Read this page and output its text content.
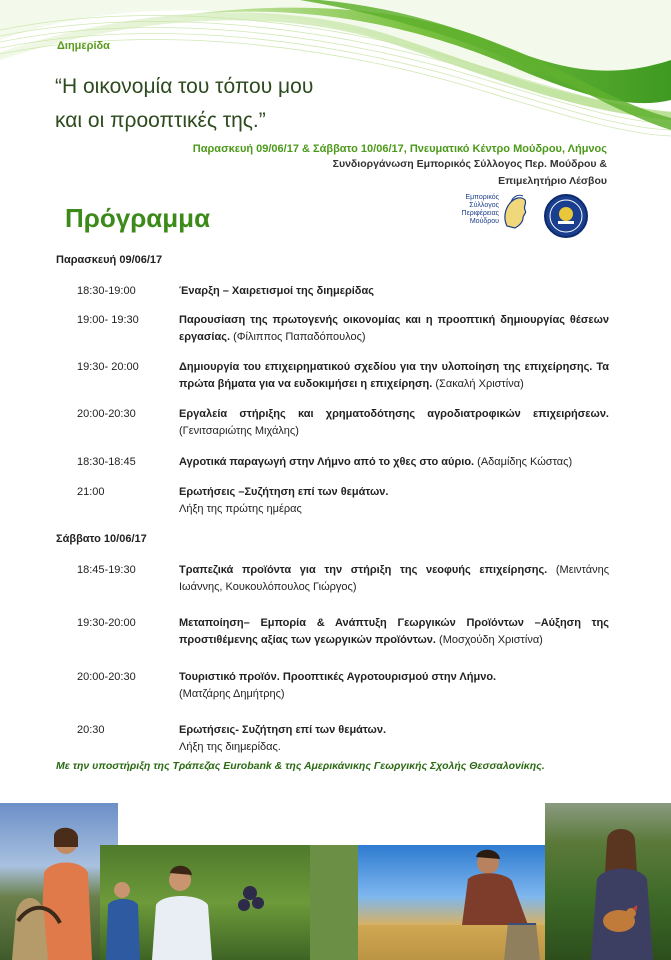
Διημερίδα
“Η οικονομία του τόπου μου
και οι προοπτικές της.”
Παρασκευή 09/06/17 & Σάββατο 10/06/17, Πνευματικό Κέντρο Μούδρου, Λήμνος
Συνδιοργάνωση Εμπορικός Σύλλογος Περ. Μούδρου &
Επιμελητήριο Λέσβου
Πρόγραμμα
Εμπορικός Σύλλογος Περιφέρειας Μούδρου
Παρασκευή 09/06/17
18:30-19:00	Έναρξη – Χαιρετισμοί της διημερίδας
19:00- 19:30	Παρουσίαση της πρωτογενής οικονομίας και η προοπτική δημιουργίας θέσεων εργασίας. (Φίλιππος Παπαδόπουλος)
19:30- 20:00	Δημιουργία του επιχειρηματικού σχεδίου για την υλοποίηση της επιχείρησης. Τα πρώτα βήματα για να ευδοκιμήσει η επιχείρηση. (Σακαλή Χριστίνα)
20:00-20:30	Εργαλεία στήριξης και χρηματοδότησης αγροδιατροφικών επιχειρήσεων. (Γενιτσαριώτης Μιχάλης)
18:30-18:45	Αγροτικά παραγωγή στην Λήμνο από το χθες στο αύριο. (Αδαμίδης Κώστας)
21:00	Ερωτήσεις –Συζήτηση επί των θεμάτων.
Λήξη της πρώτης ημέρας
Σάββατο 10/06/17
18:45-19:30	Τραπεζικά προϊόντα για την στήριξη της νεοφυής επιχείρησης. (Μειντάνης Ιωάννης, Κουκουλόπουλος Γιώργος)
19:30-20:00	Μεταποίηση– Εμπορία & Ανάπτυξη Γεωργικών Προϊόντων –Αύξηση της προστιθέμενης αξίας των γεωργικών προϊόντων. (Μοσχούδη Χριστίνα)
20:00-20:30	Τουριστικό προϊόν. Προοπτικές Αγροτουρισμού στην Λήμνο.
(Ματζάρης Δημήτρης)
20:30	Ερωτήσεις- Συζήτηση επί των θεμάτων.
Λήξη της διημερίδας.
Με την υποστήριξη της Τράπεζας Eurobank & της Αμερικάνικης Γεωργικής Σχολής Θεσσαλονίκης.
